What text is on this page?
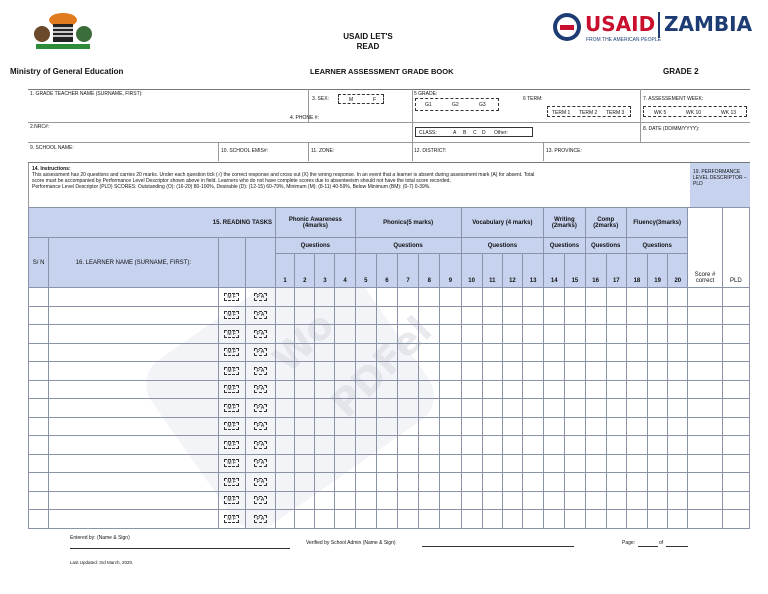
Wo
PDFel
USAID LET'S
READ
USAID ZAMBIA
FROM THE AMERICAN PEOPLE
Ministry of General Education	LEARNER ASSESSMENT GRADE BOOK	GRADE 2
1. GRADE TEACHER NAME (SURNAME, FIRST):
2.NRC#:
3. SEX:	M	F
4. PHONE #:
5 GRADE:
G1	G2	G3
CLASS:	A B C D Other:
6 TERM:
TERM 1 TERM 2 TERM 3
7. ASSESSEMENT WEEK:
WK 5	WK 10	WK 13
8. DATE (DD/MM/YYYY):
9. SCHOOL NAME:	10. SCHOOL EMIS#:	11. ZONE:	12. DISTRICT:	13. PROVINCE:
14. Instructions:
This assessment has 20 questions and carries 20 marks. Under each question tick (√) the correct response and cross out (X) the wrong response. In an event that a learner is absent during assessment mark (A) for absent. Total
score must be accompanied by Performance Level Descriptor shown above in field. Learners who do not have complete scores due to absenteeism should not have the total score recorded.
Performance Level Descriptor (PLD) SCORES: Outstanding (O): (16-20) 80-100%, Desirable (D): (12-15) 60-79%, Minimum (M): (8-11) 40-59%, Below Minimum (BM): (0-7) 0-39%.
19. PERFORMANCE LEVEL DESCRIPTOR –PLD
15. READING TASKS				Phonic Awareness (4marks)				Phonics(5 marks)					Vocabulary (4 marks)				Writing (2marks)		Comp (2marks)		Fluency(3marks)			Score # correct	PLD
S/ N	16. LEARNER NAME (SURNAME, FIRST):			Questions				Questions					Questions				Questions		Questions		Questions				
				1	2	3	4	5	6	7	8	9	10	11	12	13	14	15	16	17	18	19	20		
		M F	P A																						
		M F	P A																						
		M F	P A																						
		M F	P A																						
		M F	P A																						
		M F	P A																						
		M F	P A																						
		M F	P A																						
		M F	P A																						
		M F	P A																						
		M F	P A																						
		M F	P A																						
		M F	P A																						
Entered by: (Name & Sign)
Verified by School Admin (Name & Sign)	Page:	of
Last Updated: 3rd March, 2020.
